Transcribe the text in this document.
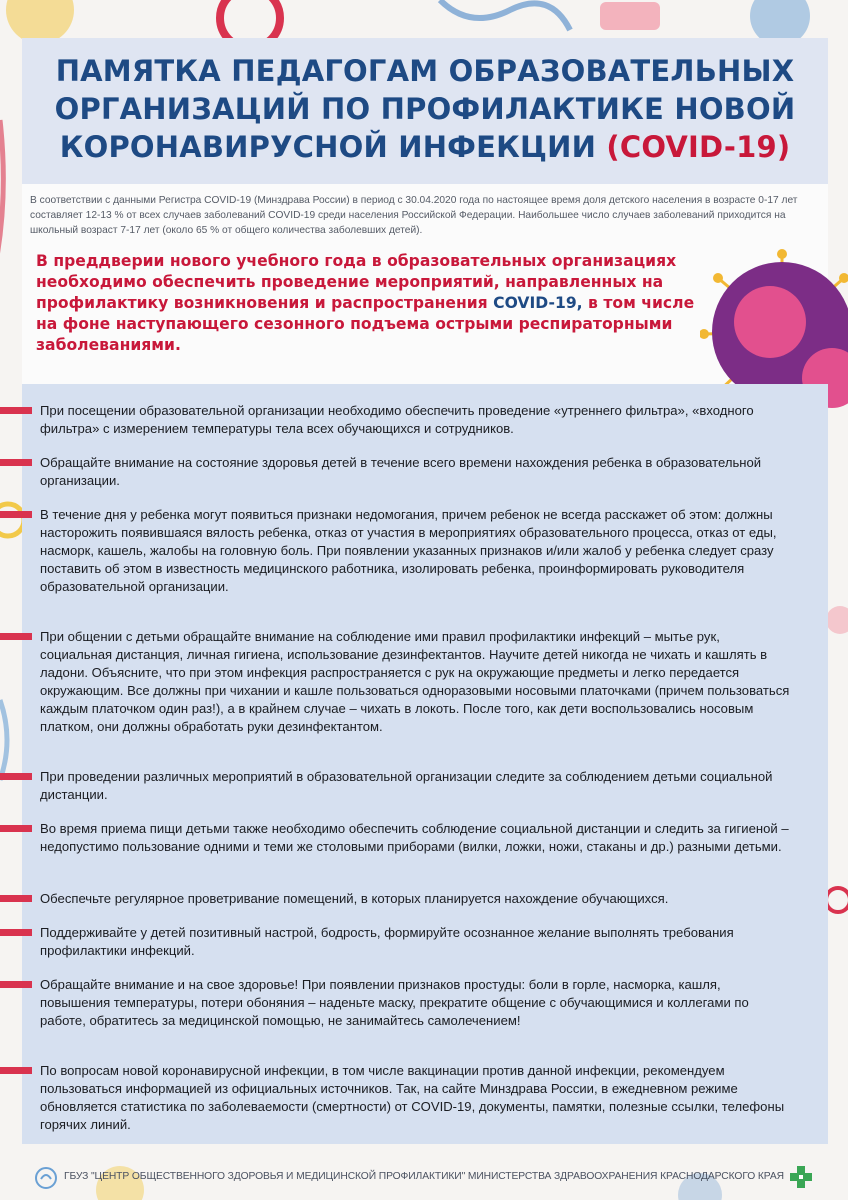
ПАМЯТКА ПЕДАГОГАМ ОБРАЗОВАТЕЛЬНЫХ ОРГАНИЗАЦИЙ ПО ПРОФИЛАКТИКЕ НОВОЙ КОРОНАВИРУСНОЙ ИНФЕКЦИИ (COVID-19)

В соответствии с данными Регистра COVID-19 (Минздрава России) в период с 30.04.2020 года по настоящее время доля детского населения в возрасте 0-17 лет составляет 12-13 % от всех случаев заболеваний COVID-19 среди населения Российской Федерации. Наибольшее число случаев заболеваний приходится на школьный возраст 7-17 лет (около 65 % от общего количества заболевших детей).

В преддверии нового учебного года в образовательных организациях необходимо обеспечить проведение мероприятий, направленных на профилактику возникновения и распространения COVID-19, в том числе на фоне наступающего сезонного подъема острыми респираторными заболеваниями.

При посещении образовательной организации необходимо обеспечить проведение «утреннего фильтра», «входного фильтра» с измерением температуры тела всех обучающихся и сотрудников.

Обращайте внимание на состояние здоровья детей в течение всего времени нахождения ребенка в образовательной организации.

В течение дня у ребенка могут появиться признаки недомогания, причем ребенок не всегда расскажет об этом: должны насторожить появившаяся вялость ребенка, отказ от участия в мероприятиях образовательного процесса, отказ от еды, насморк, кашель, жалобы на головную боль. При появлении указанных признаков и/или жалоб у ребенка следует сразу поставить об этом в известность медицинского работника, изолировать ребенка, проинформировать руководителя образовательной организации.

При общении с детьми обращайте внимание на соблюдение ими правил профилактики инфекций – мытье рук, социальная дистанция, личная гигиена, использование дезинфектантов. Научите детей никогда не чихать и кашлять в ладони. Объясните, что при этом инфекция распространяется с рук на окружающие предметы и легко передается окружающим. Все должны при чихании и кашле пользоваться одноразовыми носовыми платочками (причем пользоваться каждым платочком один раз!), а в крайнем случае – чихать в локоть. После того, как дети воспользовались носовым платком, они должны обработать руки дезинфектантом.

При проведении различных мероприятий в образовательной организации следите за соблюдением детьми социальной дистанции.

Во время приема пищи детьми также необходимо обеспечить соблюдение социальной дистанции и следить за гигиеной – недопустимо пользование одними и теми же столовыми приборами (вилки, ложки, ножи, стаканы и др.) разными детьми.

Обеспечьте регулярное проветривание помещений, в которых планируется нахождение обучающихся.

Поддерживайте у детей позитивный настрой, бодрость, формируйте осознанное желание выполнять требования профилактики инфекций.

Обращайте внимание и на свое здоровье! При появлении признаков простуды: боли в горле, насморка, кашля, повышения температуры, потери обоняния – наденьте маску, прекратите общение с обучающимися и коллегами по работе, обратитесь за медицинской помощью, не занимайтесь самолечением!

По вопросам новой коронавирусной инфекции, в том числе вакцинации против данной инфекции, рекомендуем пользоваться информацией из официальных источников. Так, на сайте Минздрава России, в ежедневном режиме обновляется статистика по заболеваемости (смертности) от COVID-19, документы, памятки, полезные ссылки, телефоны горячих линий.

ГБУЗ "ЦЕНТР ОБЩЕСТВЕННОГО ЗДОРОВЬЯ И МЕДИЦИНСКОЙ ПРОФИЛАКТИКИ" МИНИСТЕРСТВА ЗДРАВООХРАНЕНИЯ КРАСНОДАРСКОГО КРАЯ
